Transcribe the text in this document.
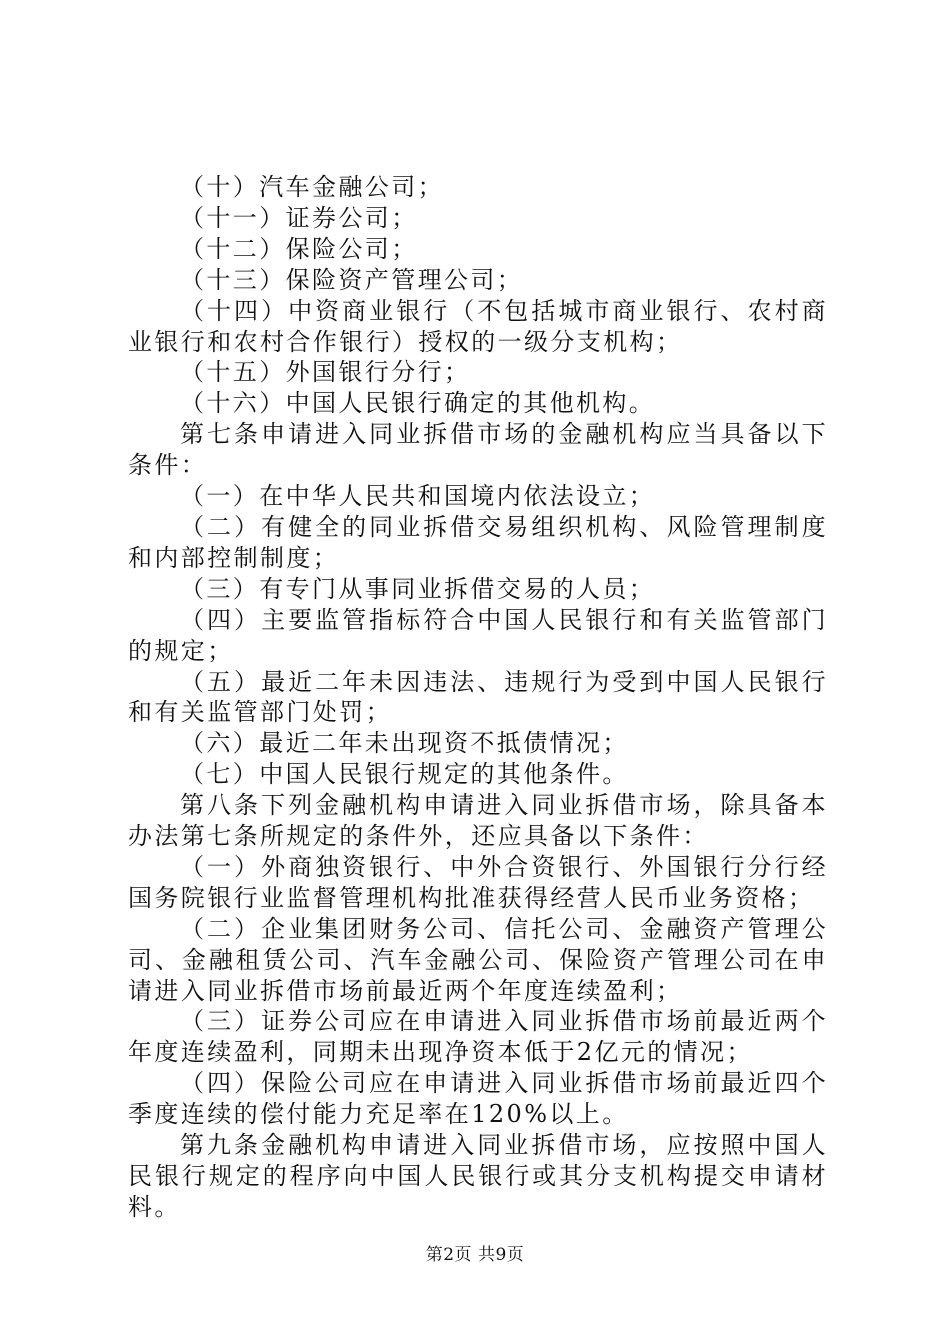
（十）汽车金融公司；

（十一）证券公司；

（十二）保险公司；

（十三）保险资产管理公司；

（十四）中资商业银行（不包括城市商业银行、农村商业银行和农村合作银行）授权的一级分支机构；

（十五）外国银行分行；

（十六）中国人民银行确定的其他机构。

第七条申请进入同业拆借市场的金融机构应当具备以下条件：

（一）在中华人民共和国境内依法设立；

（二）有健全的同业拆借交易组织机构、风险管理制度和内部控制制度；

（三）有专门从事同业拆借交易的人员；

（四）主要监管指标符合中国人民银行和有关监管部门的规定；

（五）最近二年未因违法、违规行为受到中国人民银行和有关监管部门处罚；

（六）最近二年未出现资不抵债情况；

（七）中国人民银行规定的其他条件。

第八条下列金融机构申请进入同业拆借市场，除具备本办法第七条所规定的条件外，还应具备以下条件：

（一）外商独资银行、中外合资银行、外国银行分行经国务院银行业监督管理机构批准获得经营人民币业务资格；

（二）企业集团财务公司、信托公司、金融资产管理公司、金融租赁公司、汽车金融公司、保险资产管理公司在申请进入同业拆借市场前最近两个年度连续盈利；

（三）证券公司应在申请进入同业拆借市场前最近两个年度连续盈利，同期未出现净资本低于2亿元的情况；

（四）保险公司应在申请进入同业拆借市场前最近四个季度连续的偿付能力充足率在120%以上。

第九条金融机构申请进入同业拆借市场，应按照中国人民银行规定的程序向中国人民银行或其分支机构提交申请材料。

第2页 共9页
